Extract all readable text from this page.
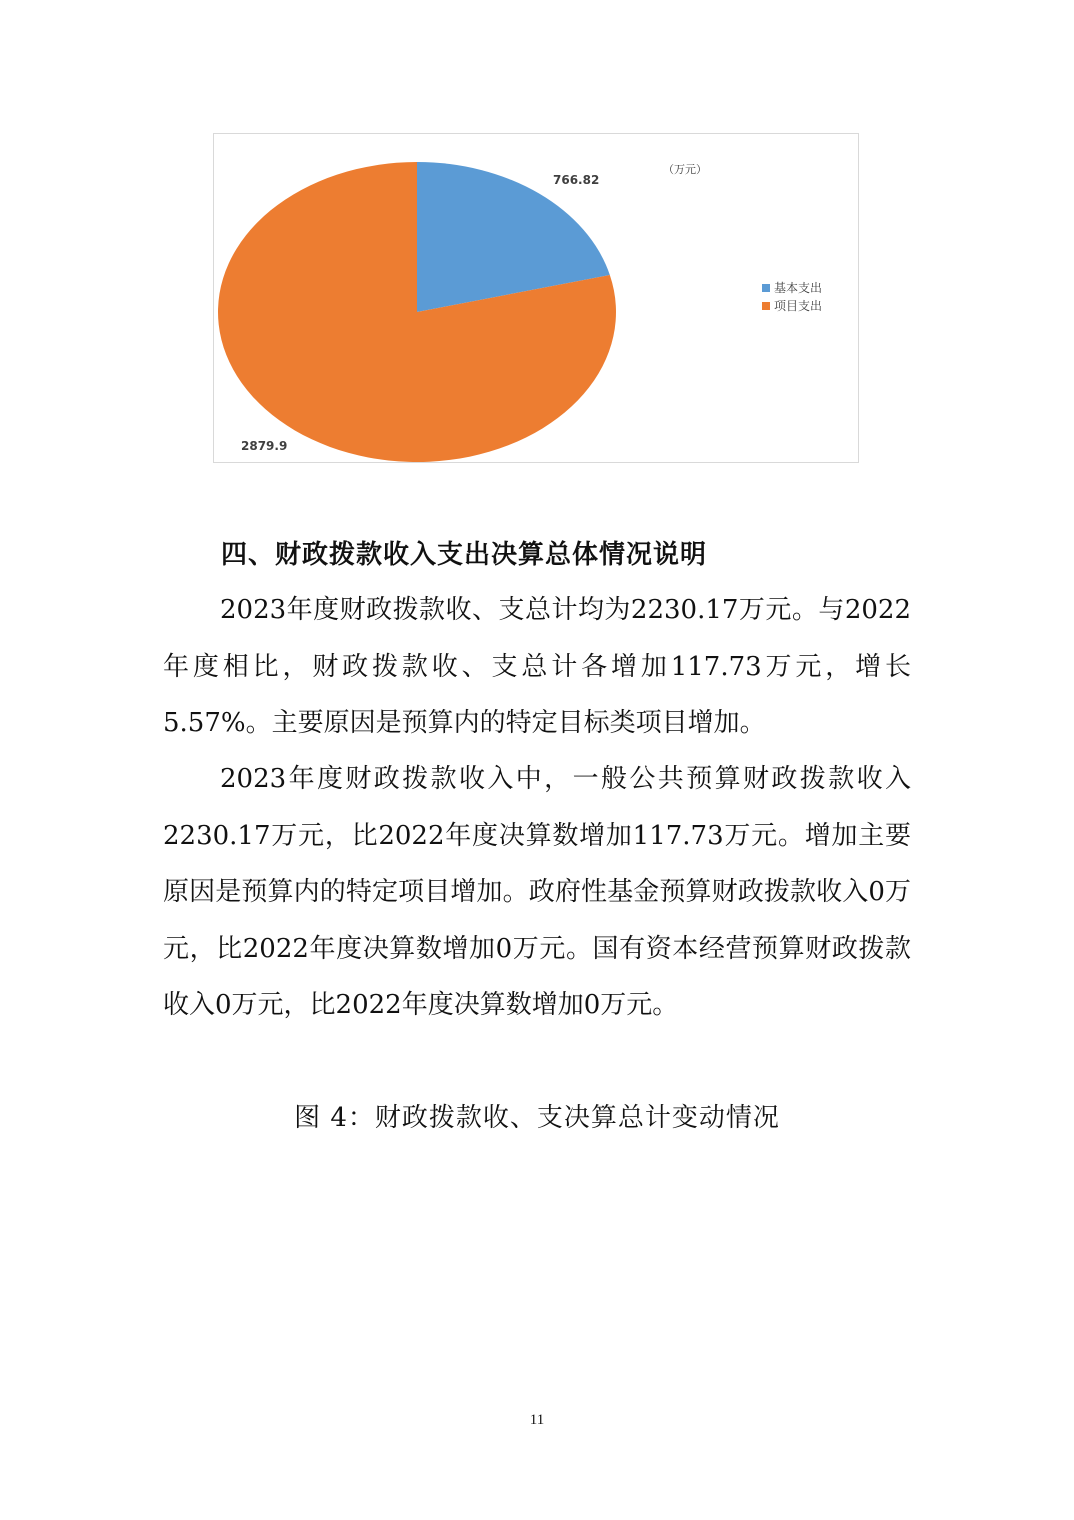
766.82
2879.9
（万元）
基本支出
项目支出
四、财政拨款收入支出决算总体情况说明

2023年度财政拨款收、支总计均为2230.17万元。与2022年度相比，财政拨款收、支总计各增加117.73万元，增长5.57%。主要原因是预算内的特定目标类项目增加。

2023年度财政拨款收入中，一般公共预算财政拨款收入2230.17万元，比2022年度决算数增加117.73万元。增加主要原因是预算内的特定项目增加。政府性基金预算财政拨款收入0万元，比2022年度决算数增加0万元。国有资本经营预算财政拨款收入0万元，比2022年度决算数增加0万元。

图 4：财政拨款收、支决算总计变动情况
11
